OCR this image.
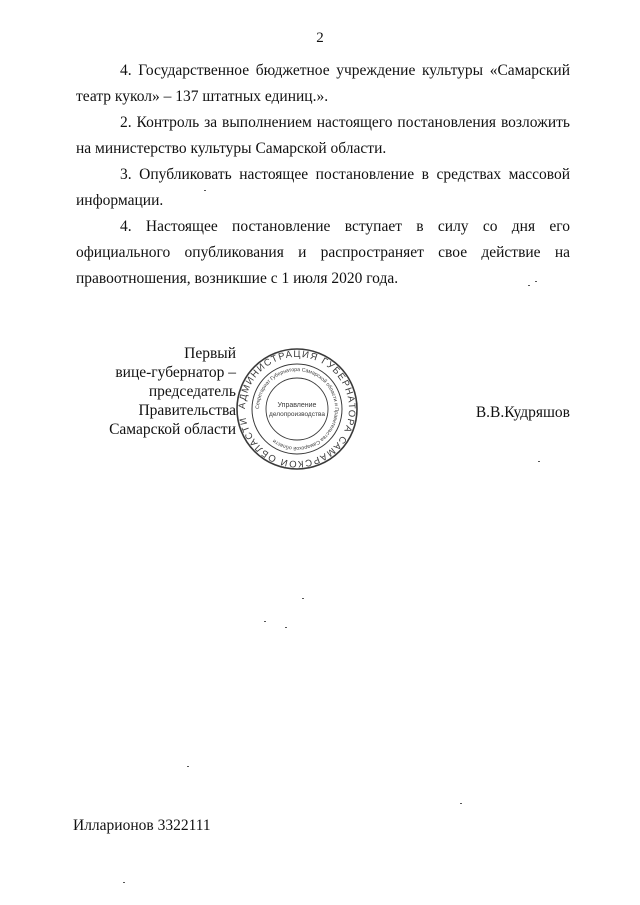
2

4. Государственное бюджетное учреждение культуры «Самарский театр кукол» – 137 штатных единиц.».

2. Контроль за выполнением настоящего постановления возложить на министерство культуры Самарской области.

3. Опубликовать настоящее постановление в средствах массовой информации.

4. Настоящее постановление вступает в силу со дня его официального опубликования и распространяет свое действие на правоотношения, возникшие с 1 июля 2020 года.

Первый
вице-губернатор –
председатель Правительства
Самарской области
АДМИНИСТРАЦИЯ ГУБЕРНАТОРА САМАРСКОЙ ОБЛАСТИ
Секретариат Губернатора Самарской области и Правительства Самарской области
Управление
делопроизводства	В.В.Кудряшов
Илларионов 3322111
